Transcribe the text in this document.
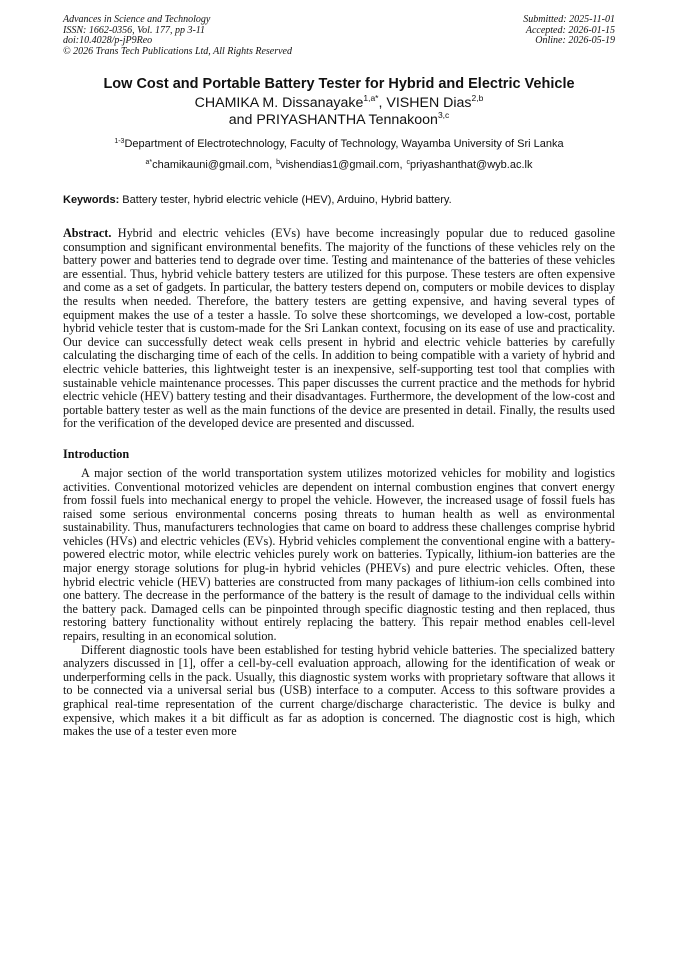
Advances in Science and Technology
ISSN: 1662-0356, Vol. 177, pp 3-11
doi:10.4028/p-jP9Reo
© 2026 Trans Tech Publications Ltd, All Rights Reserved
Submitted: 2025-11-01
Accepted: 2026-01-15
Online: 2026-05-19
Low Cost and Portable Battery Tester for Hybrid and Electric Vehicle
CHAMIKA M. Dissanayake$^{1,a*}$, VISHEN Dias$^{2,b}$
and PRIYASHANTHA Tennakoon$^{3,c}$
$^{1-3}$Department of Electrotechnology, Faculty of Technology, Wayamba University of Sri Lanka
$^{a*}$chamikauni@gmail.com, $^b$vishendias1@gmail.com, $^c$priyashanthat@wyb.ac.lk
Keywords: Battery tester, hybrid electric vehicle (HEV), Arduino, Hybrid battery.
Abstract. Hybrid and electric vehicles (EVs) have become increasingly popular due to reduced gasoline consumption and significant environmental benefits. The majority of the functions of these vehicles rely on the battery power and batteries tend to degrade over time. Testing and maintenance of the batteries of these vehicles are essential. Thus, hybrid vehicle battery testers are utilized for this purpose. These testers are often expensive and come as a set of gadgets. In particular, the battery testers depend on, computers or mobile devices to display the results when needed. Therefore, the battery testers are getting expensive, and having several types of equipment makes the use of a tester a hassle. To solve these shortcomings, we developed a low-cost, portable hybrid vehicle tester that is custom-made for the Sri Lankan context, focusing on its ease of use and practicality. Our device can successfully detect weak cells present in hybrid and electric vehicle batteries by carefully calculating the discharging time of each of the cells. In addition to being compatible with a variety of hybrid and electric vehicle batteries, this lightweight tester is an inexpensive, self-supporting test tool that complies with sustainable vehicle maintenance processes. This paper discusses the current practice and the methods for hybrid electric vehicle (HEV) battery testing and their disadvantages. Furthermore, the development of the low-cost and portable battery tester as well as the main functions of the device are presented in detail. Finally, the results used for the verification of the developed device are presented and discussed.
Introduction

A major section of the world transportation system utilizes motorized vehicles for mobility and logistics activities. Conventional motorized vehicles are dependent on internal combustion engines that convert energy from fossil fuels into mechanical energy to propel the vehicle. However, the increased usage of fossil fuels has raised some serious environmental concerns posing threats to human health as well as environmental sustainability. Thus, manufacturers technologies that came on board to address these challenges comprise hybrid vehicles (HVs) and electric vehicles (EVs). Hybrid vehicles complement the conventional engine with a battery-powered electric motor, while electric vehicles purely work on batteries. Typically, lithium-ion batteries are the major energy storage solutions for plug-in hybrid vehicles (PHEVs) and pure electric vehicles. Often, these hybrid electric vehicle (HEV) batteries are constructed from many packages of lithium-ion cells combined into one battery. The decrease in the performance of the battery is the result of damage to the individual cells within the battery pack. Damaged cells can be pinpointed through specific diagnostic testing and then replaced, thus restoring battery functionality without entirely replacing the battery. This repair method enables cell-level repairs, resulting in an economical solution.

Different diagnostic tools have been established for testing hybrid vehicle batteries. The specialized battery analyzers discussed in [1], offer a cell-by-cell evaluation approach, allowing for the identification of weak or underperforming cells in the pack. Usually, this diagnostic system works with proprietary software that allows it to be connected via a universal serial bus (USB) interface to a computer. Access to this software provides a graphical real-time representation of the current charge/discharge characteristic. The device is bulky and expensive, which makes it a bit difficult as far as adoption is concerned. The diagnostic cost is high, which makes the use of a tester even more
